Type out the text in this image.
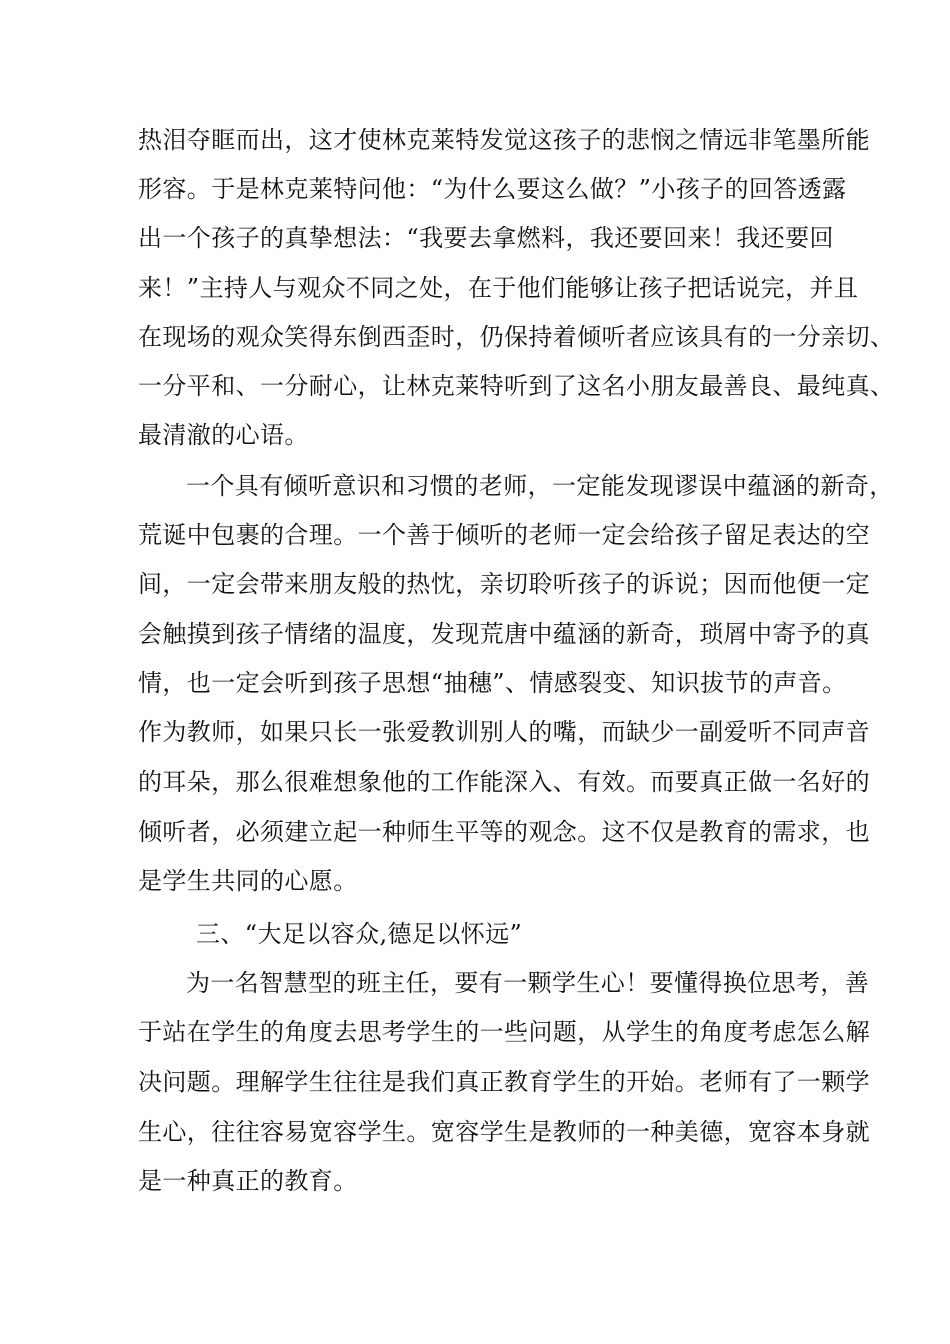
热泪夺眶而出，这才使林克莱特发觉这孩子的悲悯之情远非笔墨所能
形容。于是林克莱特问他：“为什么要这么做？”小孩子的回答透露
出一个孩子的真挚想法：“我要去拿燃料，我还要回来！我还要回
来！”主持人与观众不同之处，在于他们能够让孩子把话说完，并且
在现场的观众笑得东倒西歪时，仍保持着倾听者应该具有的一分亲切、
一分平和、一分耐心，让林克莱特听到了这名小朋友最善良、最纯真、
最清澈的心语。
一个具有倾听意识和习惯的老师，一定能发现谬误中蕴涵的新奇，
荒诞中包裹的合理。一个善于倾听的老师一定会给孩子留足表达的空
间，一定会带来朋友般的热忱，亲切聆听孩子的诉说；因而他便一定
会触摸到孩子情绪的温度，发现荒唐中蕴涵的新奇，琐屑中寄予的真
情，也一定会听到孩子思想“抽穗”、情感裂变、知识拔节的声音。
作为教师，如果只长一张爱教训别人的嘴，而缺少一副爱听不同声音
的耳朵，那么很难想象他的工作能深入、有效。而要真正做一名好的
倾听者，必须建立起一种师生平等的观念。这不仅是教育的需求，也
是学生共同的心愿。
三、“大足以容众,德足以怀远”
为一名智慧型的班主任，要有一颗学生心！要懂得换位思考，善
于站在学生的角度去思考学生的一些问题，从学生的角度考虑怎么解
决问题。理解学生往往是我们真正教育学生的开始。老师有了一颗学
生心，往往容易宽容学生。宽容学生是教师的一种美德，宽容本身就
是一种真正的教育。
